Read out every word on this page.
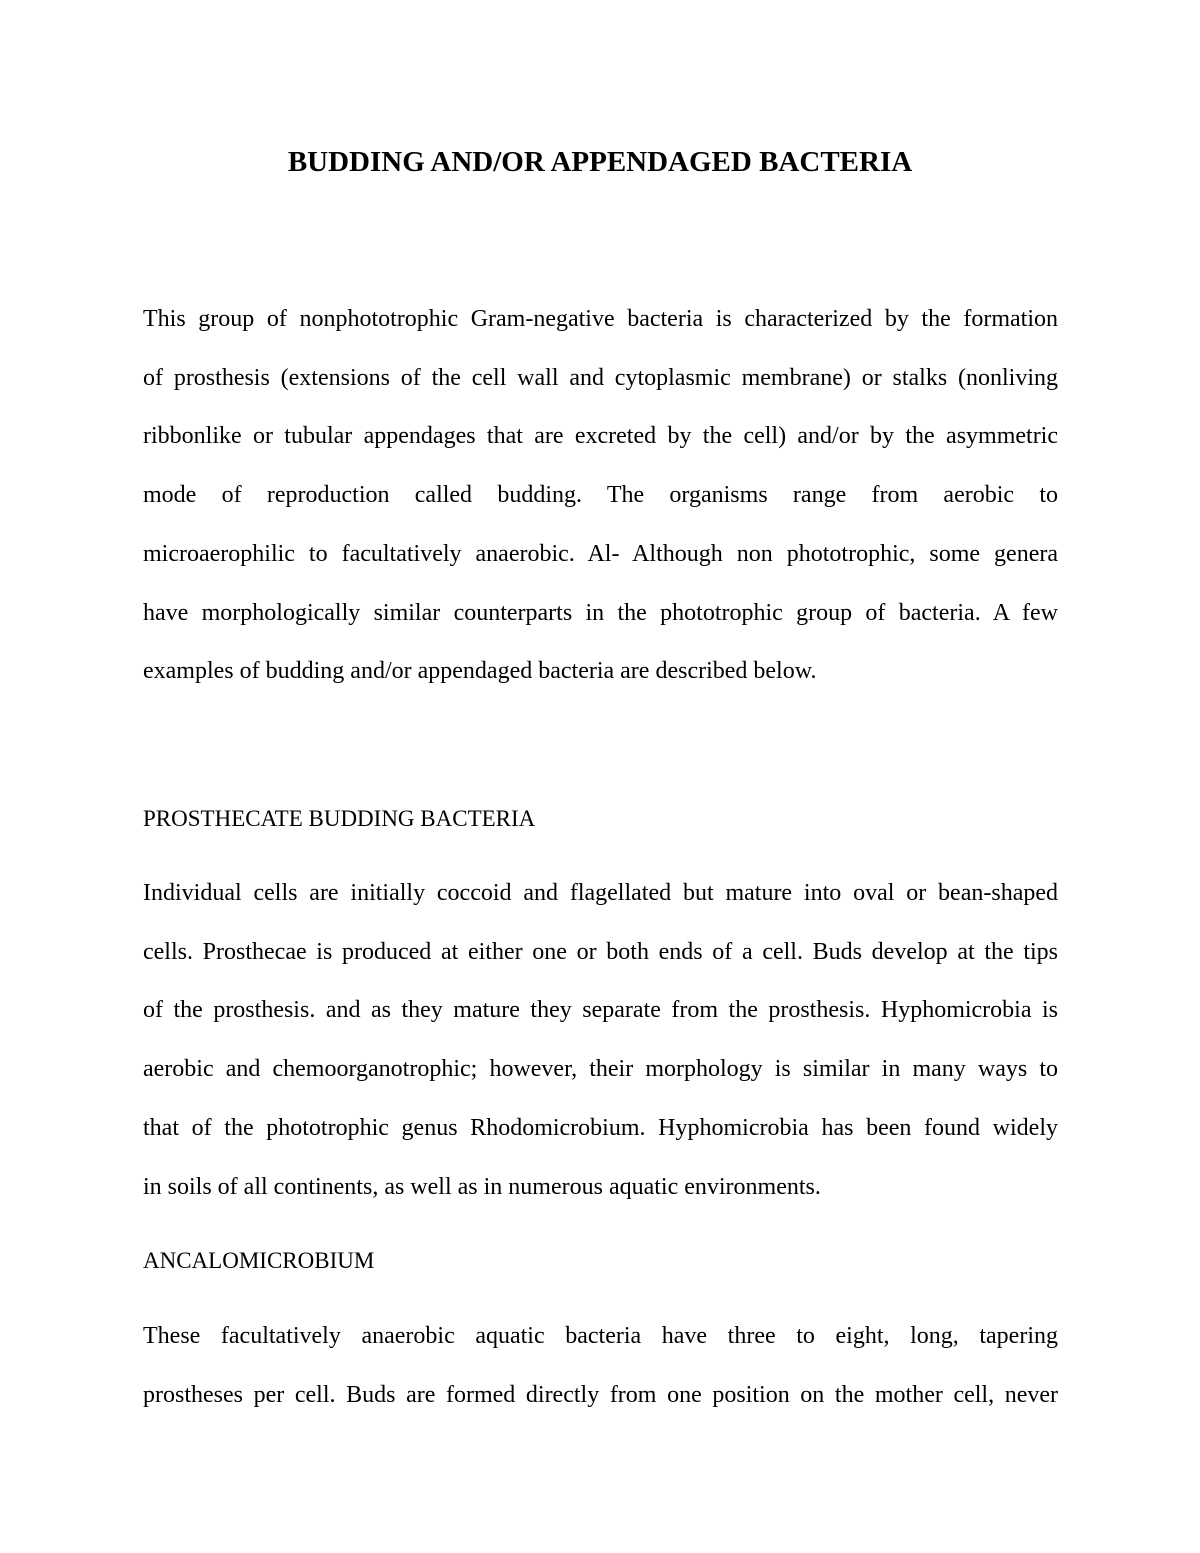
BUDDING AND/OR APPENDAGED BACTERIA
This group of nonphototrophic Gram-negative bacteria is characterized by the formation
of prosthesis (extensions of the cell wall and cytoplasmic membrane) or stalks (nonliving
ribbonlike or tubular appendages that are excreted by the cell) and/or by the asymmetric
mode of reproduction called budding. The organisms range from aerobic to
microaerophilic to facultatively anaerobic. Al- Although non phototrophic, some genera
have morphologically similar counterparts in the phototrophic group of bacteria. A few
examples of budding and/or appendaged bacteria are described below.
PROSTHECATE BUDDING BACTERIA
Individual cells are initially coccoid and flagellated but mature into oval or bean-shaped
cells. Prosthecae is produced at either one or both ends of a cell. Buds develop at the tips
of the prosthesis. and as they mature they separate from the prosthesis. Hyphomicrobia is
aerobic and chemoorganotrophic; however, their morphology is similar in many ways to
that of the phototrophic genus Rhodomicrobium. Hyphomicrobia has been found widely
in soils of all continents, as well as in numerous aquatic environments.
ANCALOMICROBIUM
These facultatively anaerobic aquatic bacteria have three to eight, long, tapering
prostheses per cell. Buds are formed directly from one position on the mother cell, never
